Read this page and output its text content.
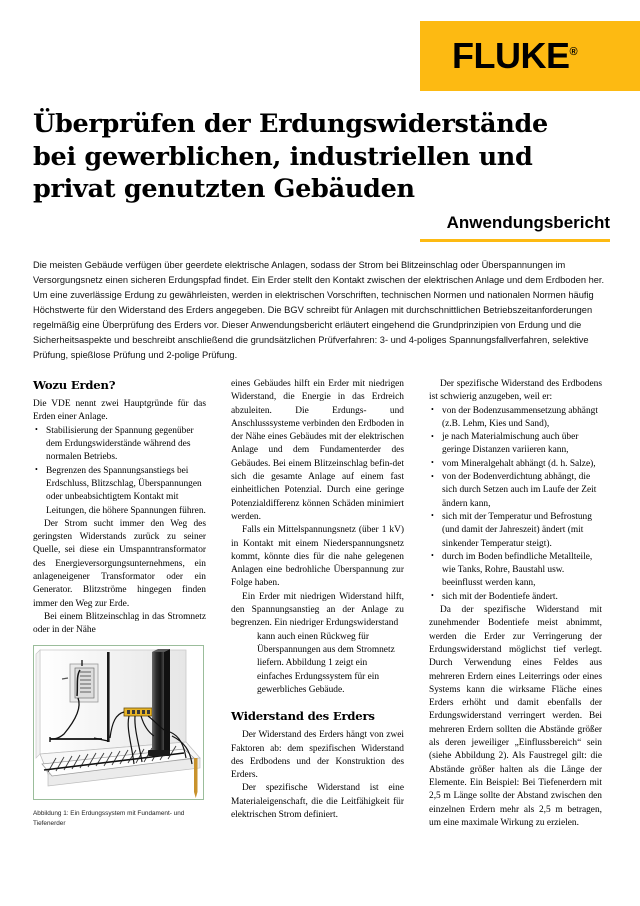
FLUKE®
Überprüfen der Erdungswiderstände
bei gewerblichen, industriellen und
privat genutzten Gebäuden
Anwendungsbericht
Die meisten Gebäude verfügen über geerdete elektrische Anlagen, sodass der Strom bei Blitzeinschlag oder Überspannungen im Versorgungsnetz einen sicheren Erdungspfad findet. Ein Erder stellt den Kontakt zwischen der elektrischen Anlage und dem Erdboden her. Um eine zuverlässige Erdung zu gewährleisten, werden in elektrischen Vorschriften, technischen Normen und nationalen Normen häufig Höchstwerte für den Widerstand des Erders angegeben. Die BGV schreibt für Anlagen mit durchschnittlichen Betriebszeitanforderungen regelmäßig eine Überprüfung des Erders vor. Dieser Anwendungsbericht erläutert eingehend die Grundprinzipien von Erdung und die Sicherheitsaspekte und beschreibt anschließend die grundsätzlichen Prüfverfahren: 3- und 4-poliges Spannungsfallverfahren, selektive Prüfung, spießlose Prüfung und 2-polige Prüfung.
Wozu Erden?

Die VDE nennt zwei Hauptgründe für das Erden einer Anlage.

• Stabilisierung der Spannung gegenüber dem Erdungswiderstände während des normalen Betriebs.
• Begrenzen des Spannungsanstiegs bei Erdschluss, Blitzschlag, Überspannungen oder unbeabsichtigtem Kontakt mit Leitungen, die höhere Spannungen führen.

Der Strom sucht immer den Weg des geringsten Widerstands zurück zu seiner Quelle, sei diese ein Umspanntransformator des Energieversorgungsunternehmens, ein anlageneigener Transformator oder ein Generator. Blitzströme hingegen finden immer den Weg zur Erde.

Bei einem Blitzeinschlag in das Stromnetz oder in der Nähe

Abbildung 1: Ein Erdungssystem mit Fundament- und Tiefenerder

eines Gebäudes hilft ein Erder mit niedrigen Widerstand, die Energie in das Erdreich abzuleiten. Die Erdungs- und Anschlusssysteme verbinden den Erdboden in der Nähe eines Gebäudes mit der elektrischen Anlage und dem Fundamenterder des Gebäudes. Bei einem Blitzeinschlag befin-det sich die gesamte Anlage auf einem fast einheitlichen Potenzial. Durch eine geringe Potenzialdifferenz können Schäden minimiert werden.

Falls ein Mittelspannungsnetz (über 1 kV) in Kontakt mit einem Niederspannungsnetz kommt, könnte dies für die nahe gelegenen Anlagen eine bedrohliche Überspannung zur Folge haben.

Ein Erder mit niedrigen Widerstand hilft, den Spannungsanstieg an der Anlage zu begrenzen. Ein niedriger Erdungswiderstand

kann auch einen Rückweg für Überspannungen aus dem Stromnetz liefern. Abbildung 1 zeigt ein einfaches Erdungssystem für ein gewerbliches Gebäude.

Widerstand des Erders

Der Widerstand des Erders hängt von zwei Faktoren ab: dem spezifischen Widerstand des Erdbodens und der Konstruktion des Erders.

Der spezifische Widerstand ist eine Materialeigenschaft, die die Leitfähigkeit für elektrischen Strom definiert.

Der spezifische Widerstand des Erdbodens ist schwierig anzugeben, weil er:

• von der Bodenzusammensetzung abhängt (z.B. Lehm, Kies und Sand),
• je nach Materialmischung auch über geringe Distanzen variieren kann,
• vom Mineralgehalt abhängt (d. h. Salze),
• von der Bodenverdichtung abhängt, die sich durch Setzen auch im Laufe der Zeit ändern kann,
• sich mit der Temperatur und Befrostung (und damit der Jahreszeit) ändert (mit sinkender Temperatur steigt).
• durch im Boden befindliche Metallteile, wie Tanks, Rohre, Baustahl usw. beeinflusst werden kann,
• sich mit der Bodentiefe ändert.

Da der spezifische Widerstand mit zunehmender Bodentiefe meist abnimmt, werden die Erder zur Verringerung der Erdungswiderstand möglichst tief verlegt. Durch Verwendung eines Feldes aus mehreren Erdern eines Leiterrings oder eines Systems kann die wirksame Fläche eines Erders erhöht und damit ebenfalls der Erdungswiderstand verringert werden. Bei mehreren Erdern sollten die Abstände größer als deren jeweiliger „Einflussbereich“ sein (siehe Abbildung 2). Als Faustregel gilt: die Abstände größer halten als die Länge der Elemente. Ein Beispiel: Bei Tiefenerdern mit 2,5 m Länge sollte der Abstand zwischen den einzelnen Erdern mehr als 2,5 m betragen, um eine maximale Wirkung zu erzielen.
